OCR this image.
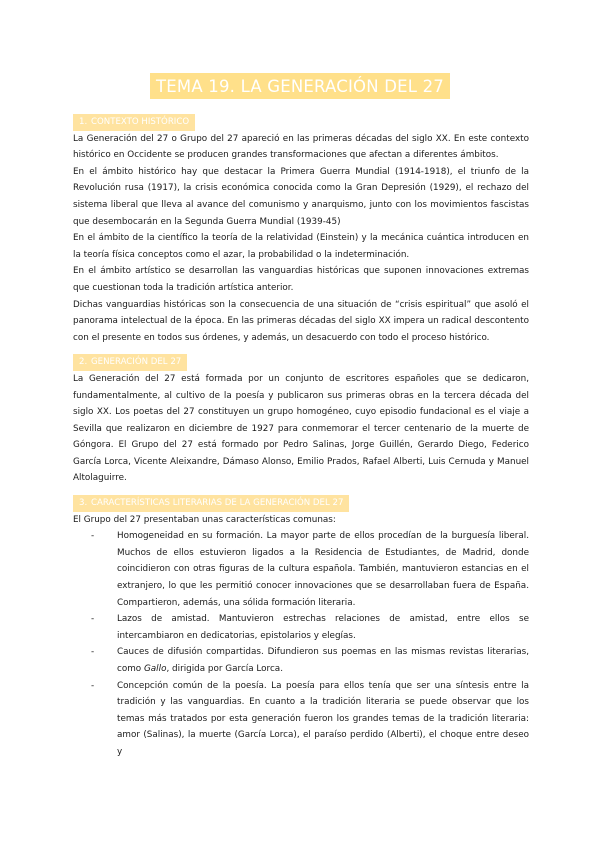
TEMA 19. LA GENERACIÓN DEL 27
1. CONTEXTO HISTÓRICO

La Generación del 27 o Grupo del 27 apareció en las primeras décadas del siglo XX. En este contexto histórico en Occidente se producen grandes transformaciones que afectan a diferentes ámbitos.

En el ámbito histórico hay que destacar la Primera Guerra Mundial (1914-1918), el triunfo de la Revolución rusa (1917), la crisis económica conocida como la Gran Depresión (1929), el rechazo del sistema liberal que lleva al avance del comunismo y anarquismo, junto con los movimientos fascistas que desembocarán en la Segunda Guerra Mundial (1939-45)

En el ámbito de la científico la teoría de la relatividad (Einstein) y la mecánica cuántica introducen en la teoría física conceptos como el azar, la probabilidad o la indeterminación.

En el ámbito artístico se desarrollan las vanguardias históricas que suponen innovaciones extremas que cuestionan toda la tradición artística anterior.

Dichas vanguardias históricas son la consecuencia de una situación de “crisis espiritual” que asoló el panorama intelectual de la época. En las primeras décadas del siglo XX impera un radical descontento con el presente en todos sus órdenes, y además, un desacuerdo con todo el proceso histórico.

2. GENERACIÓN DEL 27

La Generación del 27 está formada por un conjunto de escritores españoles que se dedicaron, fundamentalmente, al cultivo de la poesía y publicaron sus primeras obras en la tercera década del siglo XX. Los poetas del 27 constituyen un grupo homogéneo, cuyo episodio fundacional es el viaje a Sevilla que realizaron en diciembre de 1927 para conmemorar el tercer centenario de la muerte de Góngora. El Grupo del 27 está formado por Pedro Salinas, Jorge Guillén, Gerardo Diego, Federico García Lorca, Vicente Aleixandre, Dámaso Alonso, Emilio Prados, Rafael Alberti, Luis Cernuda y Manuel Altolaguirre.

3. CARACTERÍSTICAS LITERARIAS DE LA GENERACIÓN DEL 27

El Grupo del 27 presentaban unas características comunas:

- Homogeneidad en su formación. La mayor parte de ellos procedían de la burguesía liberal. Muchos de ellos estuvieron ligados a la Residencia de Estudiantes, de Madrid, donde coincidieron con otras figuras de la cultura española. También, mantuvieron estancias en el extranjero, lo que les permitió conocer innovaciones que se desarrollaban fuera de España. Compartieron, además, una sólida formación literaria.
- Lazos de amistad. Mantuvieron estrechas relaciones de amistad, entre ellos se intercambiaron en dedicatorias, epistolarios y elegías.
- Cauces de difusión compartidas. Difundieron sus poemas en las mismas revistas literarias, como Gallo, dirigida por García Lorca.
- Concepción común de la poesía. La poesía para ellos tenía que ser una síntesis entre la tradición y las vanguardias. En cuanto a la tradición literaria se puede observar que los temas más tratados por esta generación fueron los grandes temas de la tradición literaria: amor (Salinas), la muerte (García Lorca), el paraíso perdido (Alberti), el choque entre deseo y
